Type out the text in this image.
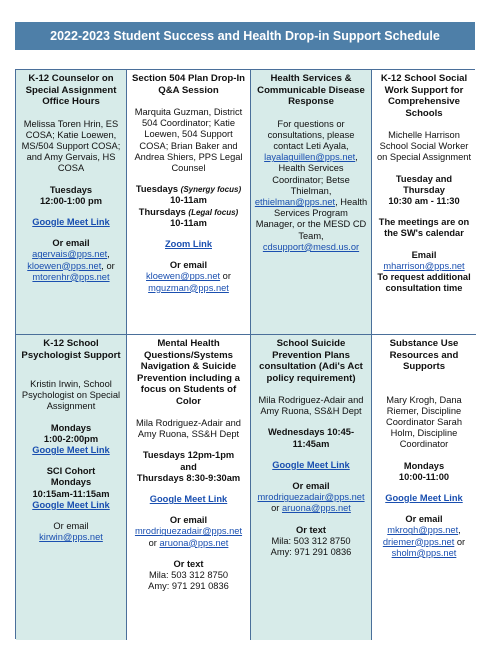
2022-2023 Student Success and Health Drop-in Support Schedule
K-12 Counselor on Special Assignment Office Hours
Melissa Toren Hrin, ES COSA; Katie Loewen, MS/504 Support COSA; and Amy Gervais, HS COSA
Tuesdays
12:00-1:00 pm
Google Meet Link
Or email
agervais@pps.net, kloewen@pps.net, or mtorenhr@pps.net
Section 504 Plan Drop-In Q&A Session
Marquita Guzman, District 504 Coordinator; Katie Loewen, 504 Support COSA; Brian Baker and Andrea Shiers, PPS Legal Counsel
Tuesdays (Synergy focus)
10-11am
Thursdays (Legal focus)
10-11am
Zoom Link
Or email
kloewen@pps.net or mguzman@pps.net
Health Services & Communicable Disease Response
For questions or consultations, please contact Leti Ayala, layalaguillen@pps.net, Health Services Coordinator; Betse Thielman, ethielman@pps.net, Health Services Program Manager, or the MESD CD Team, cdsupport@mesd.us.or
K-12 School Social Work Support for Comprehensive Schools
Michelle Harrison School Social Worker on Special Assignment
Tuesday and Thursday
10:30 am - 11:30
The meetings are on the SW's calendar
Email
mharrison@pps.net
To request additional consultation time
K-12 School Psychologist Support
Kristin Irwin, School Psychologist on Special Assignment
Mondays
1:00-2:00pm
Google Meet Link
SCI Cohort
Mondays
10:15am-11:15am
Google Meet Link
Or email
kirwin@pps.net
Mental Health Questions/Systems Navigation & Suicide Prevention including a focus on Students of Color
Mila Rodriguez-Adair and Amy Ruona, SS&H Dept
Tuesdays 12pm-1pm
and
Thursdays 8:30-9:30am
Google Meet Link
Or email
mrodriguezadair@pps.net
or aruona@pps.net
Or text
Mila: 503 312 8750
Amy: 971 291 0836
School Suicide Prevention Plans consultation (Adi's Act policy requirement)
Mila Rodriguez-Adair and Amy Ruona, SS&H Dept
Wednesdays 10:45-11:45am
Google Meet Link
Or email
mrodriguezadair@pps.net
or aruona@pps.net
Or text
Mila: 503 312 8750
Amy: 971 291 0836
Substance Use Resources and Supports
Mary Krogh, Dana Riemer, Discipline Coordinator Sarah Holm, Discipline Coordinator
Mondays
10:00-11:00
Google Meet Link
Or email
mkrogh@pps.net,
driemer@pps.net or
sholm@pps.net
